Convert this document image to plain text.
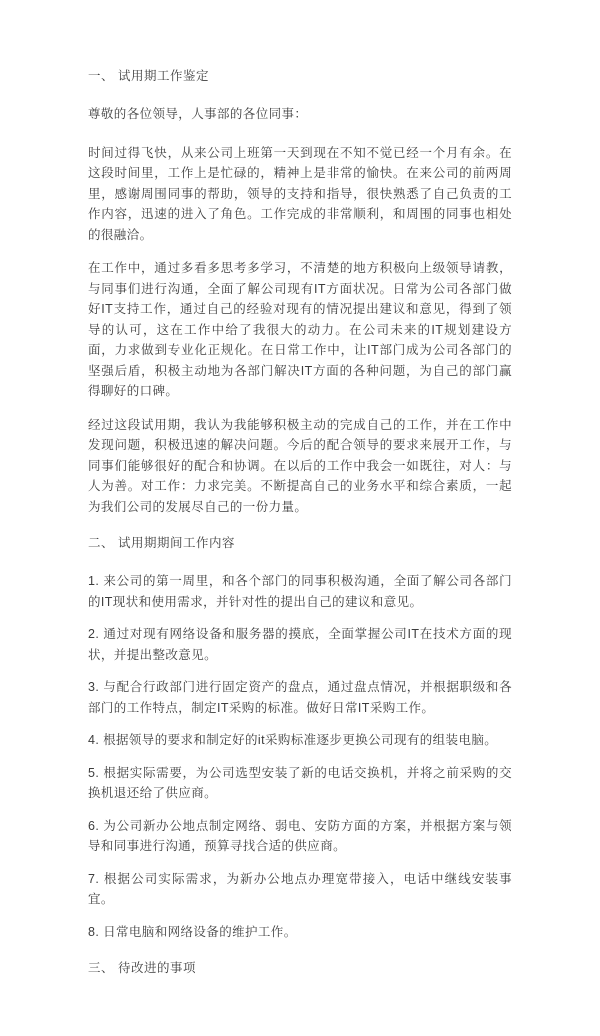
一、 试用期工作鉴定

尊敬的各位领导，人事部的各位同事：

时间过得飞快，从来公司上班第一天到现在不知不觉已经一个月有余。在这段时间里，工作上是忙碌的，精神上是非常的愉快。在来公司的前两周里，感谢周围同事的帮助，领导的支持和指导，很快熟悉了自己负责的工作内容，迅速的进入了角色。工作完成的非常顺利，和周围的同事也相处的很融洽。

在工作中，通过多看多思考多学习，不清楚的地方积极向上级领导请教，与同事们进行沟通，全面了解公司现有IT方面状况。日常为公司各部门做好IT支持工作，通过自己的经验对现有的情况提出建议和意见，得到了领导的认可，这在工作中给了我很大的动力。在公司未来的IT规划建设方面，力求做到专业化正规化。在日常工作中，让IT部门成为公司各部门的坚强后盾，积极主动地为各部门解决IT方面的各种问题，为自己的部门赢得聊好的口碑。

经过这段试用期，我认为我能够积极主动的完成自己的工作，并在工作中发现问题，积极迅速的解决问题。今后的配合领导的要求来展开工作，与同事们能够很好的配合和协调。在以后的工作中我会一如既往，对人：与人为善。对工作：力求完美。不断提高自己的业务水平和综合素质，一起为我们公司的发展尽自己的一份力量。

二、 试用期期间工作内容

1. 来公司的第一周里，和各个部门的同事积极沟通，全面了解公司各部门的IT现状和使用需求，并针对性的提出自己的建议和意见。

2. 通过对现有网络设备和服务器的摸底，全面掌握公司IT在技术方面的现状，并提出整改意见。

3. 与配合行政部门进行固定资产的盘点，通过盘点情况，并根据职级和各部门的工作特点，制定IT采购的标准。做好日常IT采购工作。

4. 根据领导的要求和制定好的it采购标准逐步更换公司现有的组装电脑。

5. 根据实际需要，为公司选型安装了新的电话交换机，并将之前采购的交换机退还给了供应商。

6. 为公司新办公地点制定网络、弱电、安防方面的方案，并根据方案与领导和同事进行沟通，预算寻找合适的供应商。

7. 根据公司实际需求，为新办公地点办理宽带接入，电话中继线安装事宜。

8. 日常电脑和网络设备的维护工作。

三、 待改进的事项
